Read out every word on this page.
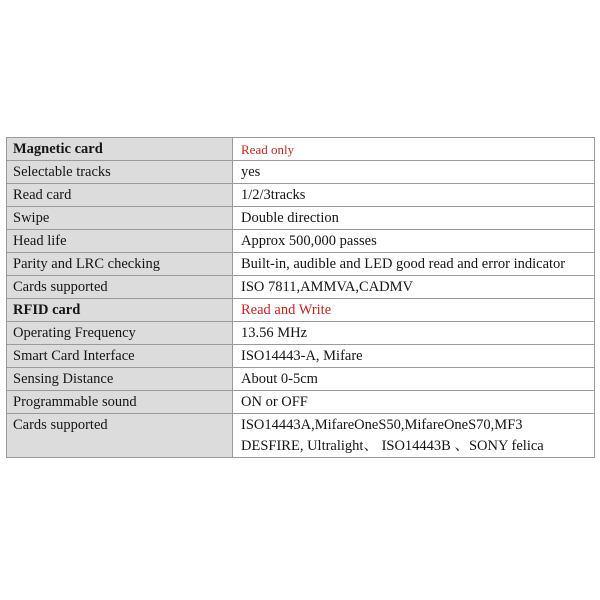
Magnetic card	Read only
Selectable tracks	yes
Read card	1/2/3tracks
Swipe	Double direction
Head life	Approx 500,000 passes
Parity and LRC checking	Built-in, audible and LED good read and error indicator
Cards supported	ISO 7811,AMMVA,CADMV
RFID card	Read and Write
Operating Frequency	13.56 MHz
Smart Card Interface	ISO14443-A, Mifare
Sensing Distance	About 0-5cm
Programmable sound	ON or OFF
Cards supported	ISO14443A,MifareOneS50,MifareOneS70,MF3 DESFIRE, Ultralight、 ISO14443B 、SONY felica
